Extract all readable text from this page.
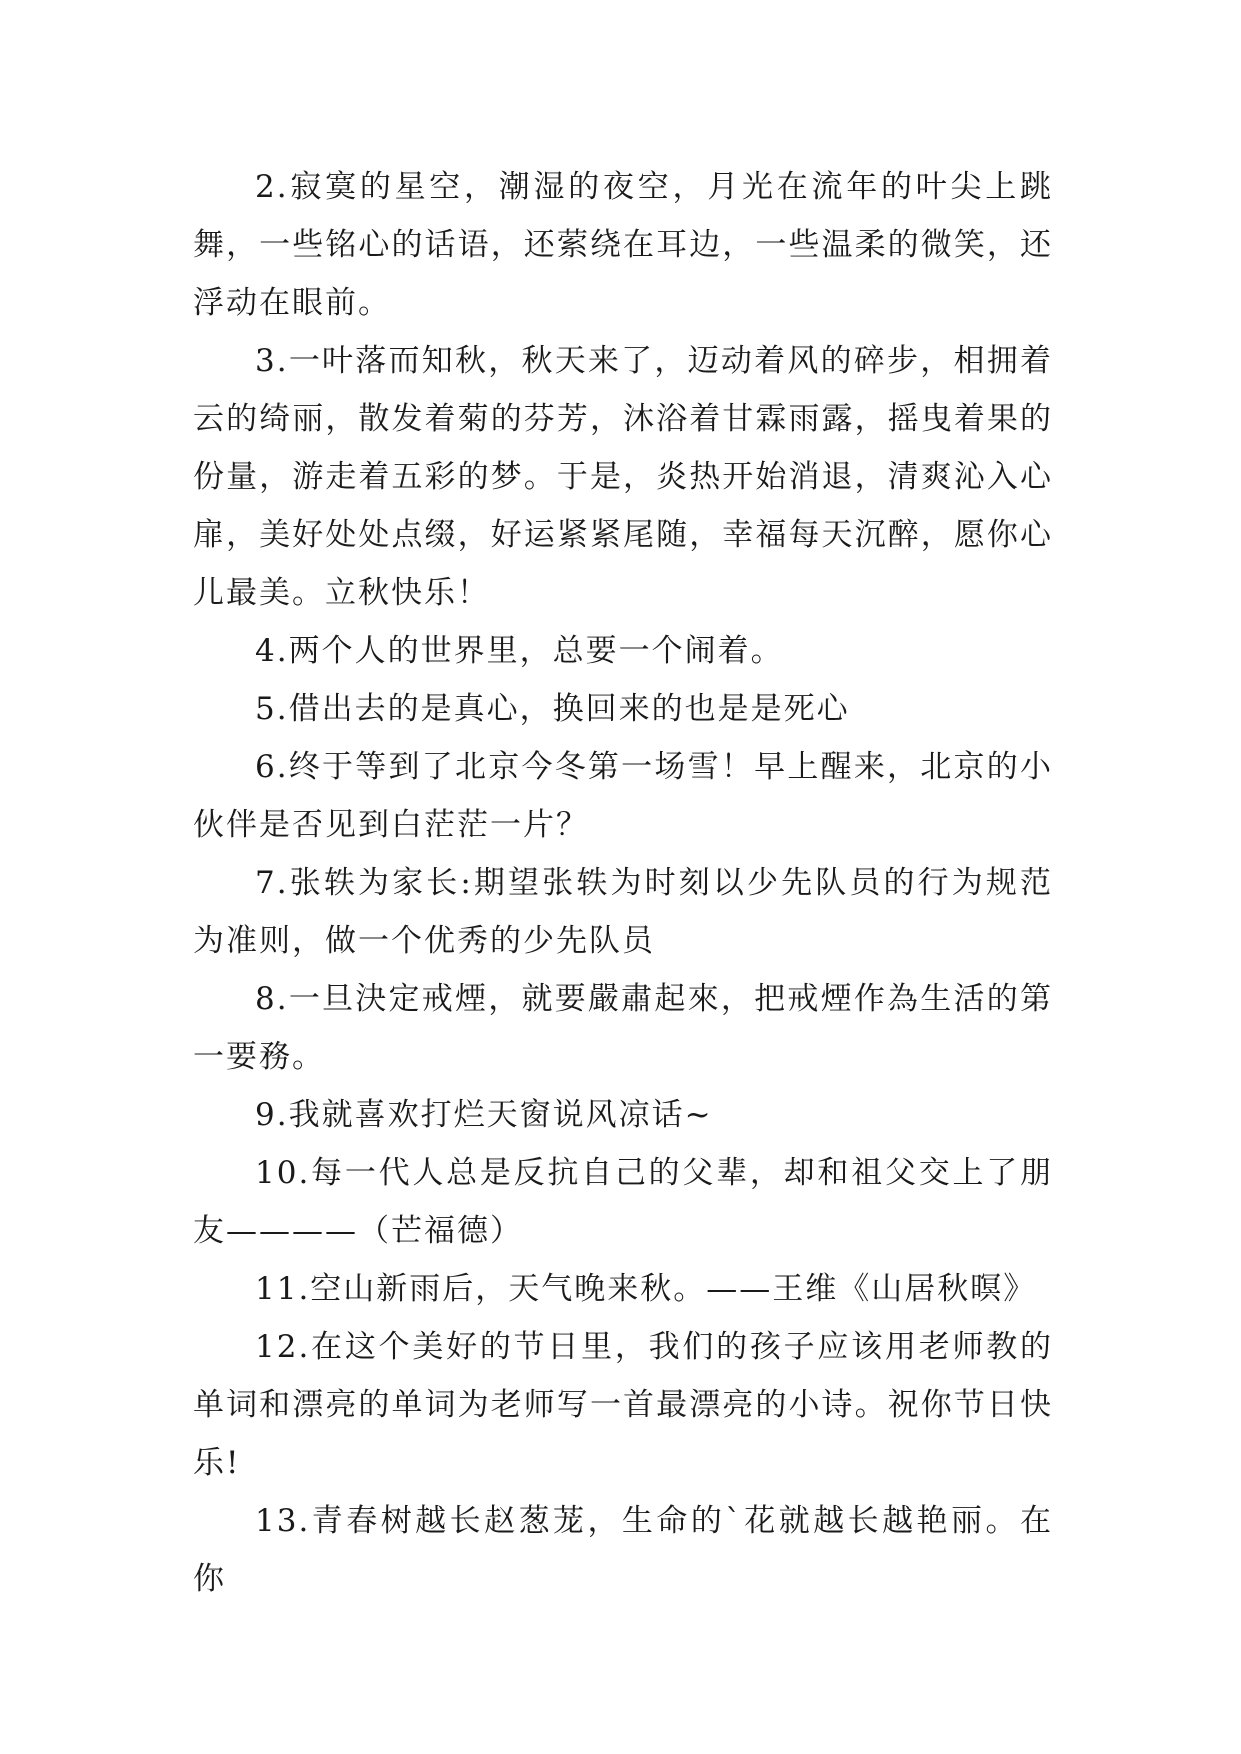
2.寂寞的星空，潮湿的夜空，月光在流年的叶尖上跳舞，一些铭心的话语，还萦绕在耳边，一些温柔的微笑，还浮动在眼前。

3.一叶落而知秋，秋天来了，迈动着风的碎步，相拥着云的绮丽，散发着菊的芬芳，沐浴着甘霖雨露，摇曳着果的份量，游走着五彩的梦。于是，炎热开始消退，清爽沁入心扉，美好处处点缀，好运紧紧尾随，幸福每天沉醉，愿你心儿最美。立秋快乐！

4.两个人的世界里，总要一个闹着。

5.借出去的是真心，换回来的也是是死心

6.终于等到了北京今冬第一场雪！早上醒来，北京的小伙伴是否见到白茫茫一片？

7.张轶为家长:期望张轶为时刻以少先队员的行为规范为准则，做一个优秀的少先队员

8.一旦決定戒煙，就要嚴肅起來，把戒煙作為生活的第一要務。

9.我就喜欢打烂天窗说风凉话~

10.每一代人总是反抗自己的父辈，却和祖父交上了朋友————（芒福德）

11.空山新雨后，天气晚来秋。——王维《山居秋暝》

12.在这个美好的节日里，我们的孩子应该用老师教的单词和漂亮的单词为老师写一首最漂亮的小诗。祝你节日快乐!

13.青春树越长赵葱茏，生命的`花就越长越艳丽。在你
